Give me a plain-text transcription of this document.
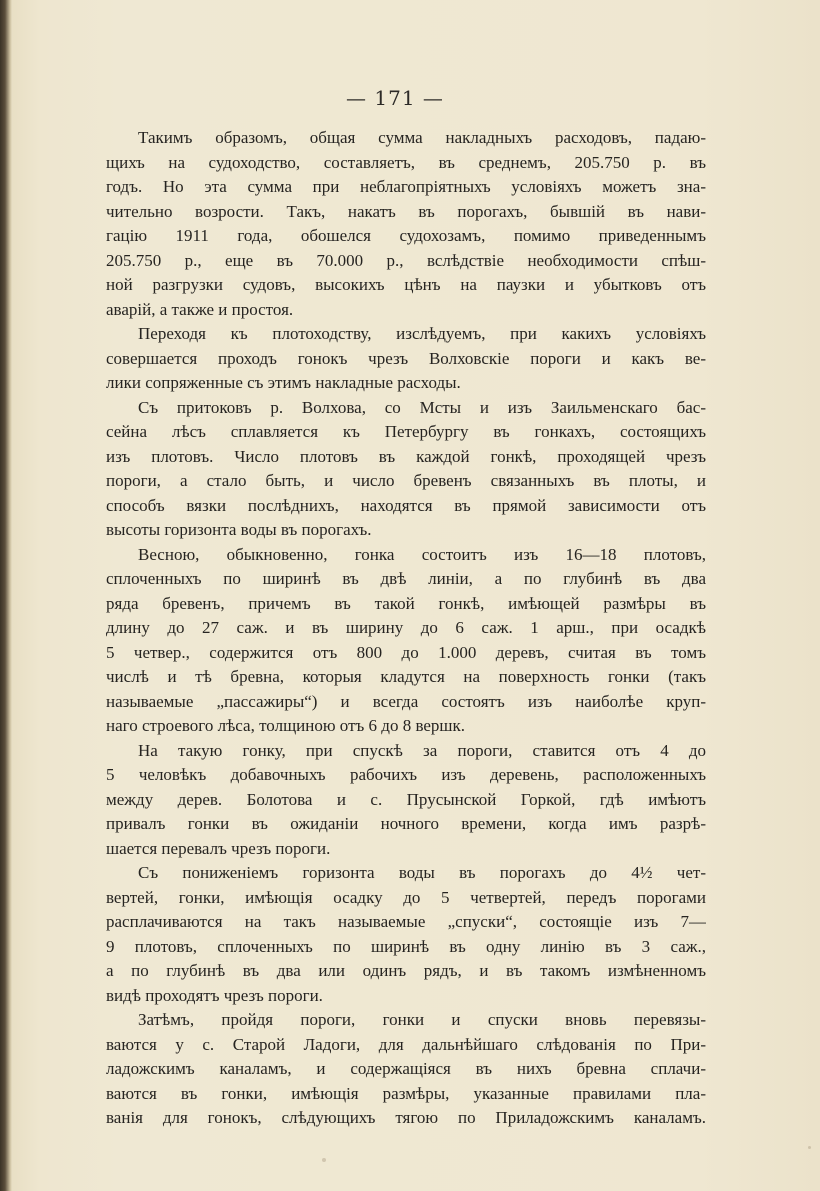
— 171 —

Такимъ образомъ, общая сумма накладныхъ расходовъ, падаю-
щихъ на судоходство, составляетъ, въ среднемъ, 205.750 р. въ
годъ. Но эта сумма при неблагопріятныхъ условіяхъ можетъ зна-
чительно возрости. Такъ, накатъ въ порогахъ, бывшій въ нави-
гацію 1911 года, обошелся судохозамъ, помимо приведеннымъ
205.750 р., еще въ 70.000 р., вслѣдствіе необходимости спѣш-
ной разгрузки судовъ, высокихъ цѣнъ на паузки и убытковъ отъ
аварій, а также и простоя.

Переходя къ плотоходству, изслѣдуемъ, при какихъ условіяхъ
совершается проходъ гонокъ чрезъ Волховскіе пороги и какъ ве-
лики сопряженные съ этимъ накладные расходы.

Съ притоковъ р. Волхова, со Мсты и изъ Заильменскаго бас-
сейна лѣсъ сплавляется къ Петербургу въ гонкахъ, состоящихъ
изъ плотовъ. Число плотовъ въ каждой гонкѣ, проходящей чрезъ
пороги, а стало быть, и число бревенъ связанныхъ въ плоты, и
способъ вязки послѣднихъ, находятся въ прямой зависимости отъ
высоты горизонта воды въ порогахъ.

Весною, обыкновенно, гонка состоитъ изъ 16—18 плотовъ,
сплоченныхъ по ширинѣ въ двѣ линіи, а по глубинѣ въ два
ряда бревенъ, причемъ въ такой гонкѣ, имѣющей размѣры въ
длину до 27 саж. и въ ширину до 6 саж. 1 арш., при осадкѣ
5 четвер., содержится отъ 800 до 1.000 деревъ, считая въ томъ
числѣ и тѣ бревна, которыя кладутся на поверхность гонки (такъ
называемые „пассажиры“) и всегда состоятъ изъ наиболѣе круп-
наго строевого лѣса, толщиною отъ 6 до 8 вершк.

На такую гонку, при спускѣ за пороги, ставится отъ 4 до
5 человѣкъ добавочныхъ рабочихъ изъ деревень, расположенныхъ
между дерев. Болотова и с. Прусынской Горкой, гдѣ имѣютъ
привалъ гонки въ ожиданіи ночного времени, когда имъ разрѣ-
шается перевалъ чрезъ пороги.

Съ пониженіемъ горизонта воды въ порогахъ до 4½ чет-
вертей, гонки, имѣющія осадку до 5 четвертей, передъ порогами
расплачиваются на такъ называемые „спуски“, состоящіе изъ 7—
9 плотовъ, сплоченныхъ по ширинѣ въ одну линію въ 3 саж.,
а по глубинѣ въ два или одинъ рядъ, и въ такомъ измѣненномъ
видѣ проходятъ чрезъ пороги.

Затѣмъ, пройдя пороги, гонки и спуски вновь перевязы-
ваются у с. Старой Ладоги, для дальнѣйшаго слѣдованія по При-
ладожскимъ каналамъ, и содержащіяся въ нихъ бревна сплачи-
ваются въ гонки, имѣющія размѣры, указанные правилами пла-
ванія для гонокъ, слѣдующихъ тягою по Приладожскимъ каналамъ.
